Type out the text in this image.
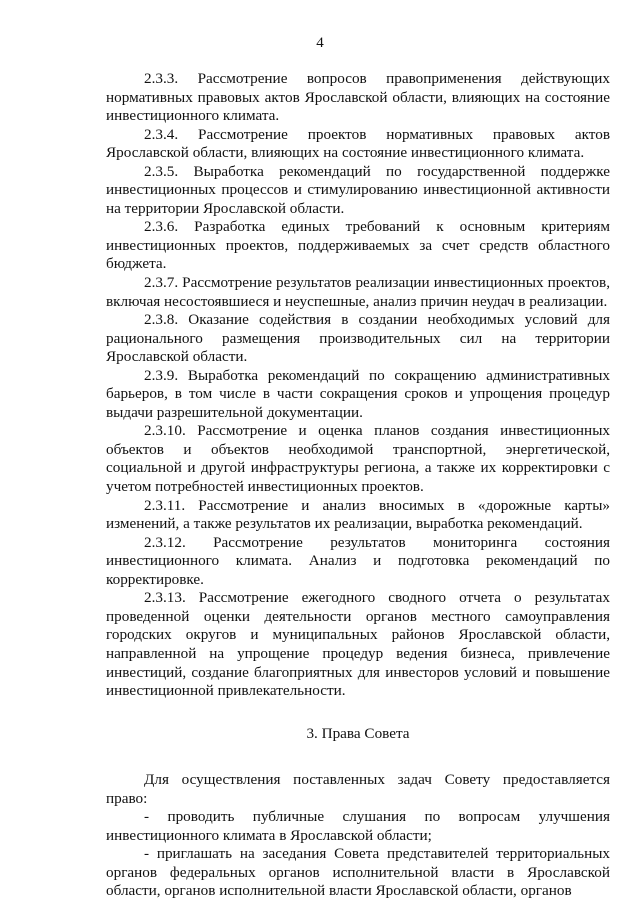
4

2.3.3. Рассмотрение вопросов правоприменения действующих нормативных правовых актов Ярославской области, влияющих на состояние инвестиционного климата.

2.3.4. Рассмотрение проектов нормативных правовых актов Ярославской области, влияющих на состояние инвестиционного климата.

2.3.5. Выработка рекомендаций по государственной поддержке инвестиционных процессов и стимулированию инвестиционной активности на территории Ярославской области.

2.3.6. Разработка единых требований к основным критериям инвестиционных проектов, поддерживаемых за счет средств областного бюджета.

2.3.7. Рассмотрение результатов реализации инвестиционных проектов, включая несостоявшиеся и неуспешные, анализ причин неудач в реализации.

2.3.8. Оказание содействия в создании необходимых условий для рационального размещения производительных сил на территории Ярославской области.

2.3.9. Выработка рекомендаций по сокращению административных барьеров, в том числе в части сокращения сроков и упрощения процедур выдачи разрешительной документации.

2.3.10. Рассмотрение и оценка планов создания инвестиционных объектов и объектов необходимой транспортной, энергетической, социальной и другой инфраструктуры региона, а также их корректировки с учетом потребностей инвестиционных проектов.

2.3.11. Рассмотрение и анализ вносимых в «дорожные карты» изменений, а также результатов их реализации, выработка рекомендаций.

2.3.12. Рассмотрение результатов мониторинга состояния инвестиционного климата. Анализ и подготовка рекомендаций по корректировке.

2.3.13. Рассмотрение ежегодного сводного отчета о результатах проведенной оценки деятельности органов местного самоуправления городских округов и муниципальных районов Ярославской области, направленной на упрощение процедур ведения бизнеса, привлечение инвестиций, создание благоприятных для инвесторов условий и повышение инвестиционной привлекательности.

3. Права Совета

Для осуществления поставленных задач Совету предоставляется право:

- проводить публичные слушания по вопросам улучшения инвестиционного климата в Ярославской области;

- приглашать на заседания Совета представителей территориальных органов федеральных органов исполнительной власти в Ярославской области, органов исполнительной власти Ярославской области, органов
